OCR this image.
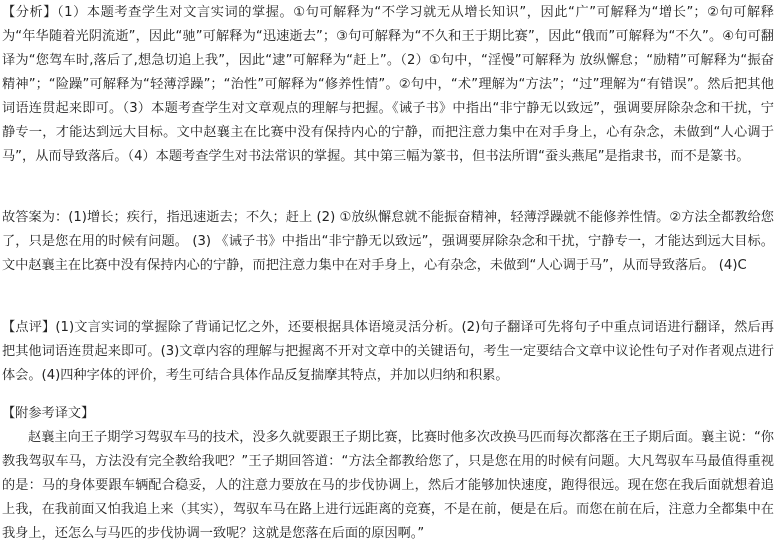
【分析】（1）本题考查学生对文言实词的掌握。①句可解释为“不学习就无从增长知识”，因此“广”可解释为“增长”；②句可解释为“年华随着光阴流逝”，因此“驰”可解释为“迅速逝去”；③句可解释为“不久和王于期比赛”，因此“俄而”可解释为“不久”。④句可翻译为“您驾车时,落后了,想急切追上我”，因此“逮”可解释为“赶上”。（2）①句中，“淫慢”可解释为 放纵懈怠；“励精”可解释为“振奋精神”；“险躁”可解释为“轻薄浮躁”；“治性”可解释为“修养性情”。②句中，“术”理解为“方法”；“过”理解为“有错误”。然后把其他词语连贯起来即可。（3）本题考查学生对文章观点的理解与把握。《诫子书》中指出“非宁静无以致远”，强调要屏除杂念和干扰，宁静专一，才能达到远大目标。文中赵襄主在比赛中没有保持内心的宁静，而把注意力集中在对手身上，心有杂念，未做到“人心调于马”，从而导致落后。（4）本题考查学生对书法常识的掌握。其中第三幅为篆书，但书法所谓“蚕头燕尾”是指隶书，而不是篆书。

故答案为：(1)增长；疾行，指迅速逝去；不久；赶上 (2) ①放纵懈怠就不能振奋精神，轻薄浮躁就不能修养性情。②方法全都教给您了，只是您在用的时候有问题。 (3) 《诫子书》中指出“非宁静无以致远”，强调要屏除杂念和干扰，宁静专一，才能达到远大目标。文中赵襄主在比赛中没有保持内心的宁静，而把注意力集中在对手身上，心有杂念，未做到“人心调于马”，从而导致落后。 (4)C

【点评】(1)文言实词的掌握除了背诵记忆之外，还要根据具体语境灵活分析。(2)句子翻译可先将句子中重点词语进行翻译，然后再把其他词语连贯起来即可。(3)文章内容的理解与把握离不开对文章中的关键语句，考生一定要结合文章中议论性句子对作者观点进行体会。(4)四种字体的评价，考生可结合具体作品反复揣摩其特点，并加以归纳和积累。

【附参考译文】

赵襄主向王子期学习驾驭车马的技术，没多久就要跟王子期比赛，比赛时他多次改换马匹而每次都落在王子期后面。襄主说：“你教我驾驭车马，方法没有完全教给我吧？”王子期回答道：“方法全都教给您了，只是您在用的时候有问题。大凡驾驭车马最值得重视的是：马的身体要跟车辆配合稳妥，人的注意力要放在马的步伐协调上，然后才能够加快速度，跑得很远。现在您在我后面就想着追上我，在我前面又怕我追上来（其实），驾驭车马在路上进行远距离的竞赛，不是在前，便是在后。而您在前在后，注意力全都集中在我身上，还怎么与马匹的步伐协调一致呢？这就是您落在后面的原因啊。”
